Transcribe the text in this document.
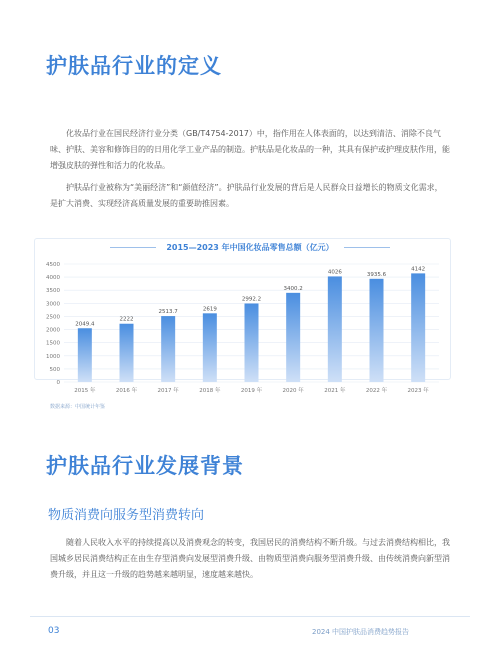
护肤品行业的定义

化妆品行业在国民经济行业分类（GB/T4754-2017）中，指作用在人体表面的，以达到清洁、消除不良气味、护肤、美容和修饰目的的日用化学工业产品的制造。护肤品是化妆品的一种，其具有保护或护理皮肤作用，能增强皮肤的弹性和活力的化妆品。

护肤品行业被称为“美丽经济”和“颜值经济”。护肤品行业发展的背后是人民群众日益增长的物质文化需求，是扩大消费、实现经济高质量发展的重要助推因素。

2015—2023 年中国化妆品零售总额（亿元）
0
500
1000
1500
2000
2500
3000
3500
4000
4500
2049.4
2222
2513.7	2619
2992.2
3400.2
4026	3935.6
4142
2015 年	2016 年	2017 年	2018 年	2019 年	2020 年	2021 年	2022 年	2023 年

数据来源：中国统计年鉴

护肤品行业发展背景
物质消费向服务型消费转向

随着人民收入水平的持续提高以及消费观念的转变，我国居民的消费结构不断升级。与过去消费结构相比，我国城乡居民消费结构正在由生存型消费向发展型消费升级、由物质型消费向服务型消费升级、由传统消费向新型消费升级，并且这一升级的趋势越来越明显，速度越来越快。

03	2024 中国护肤品消费趋势报告
